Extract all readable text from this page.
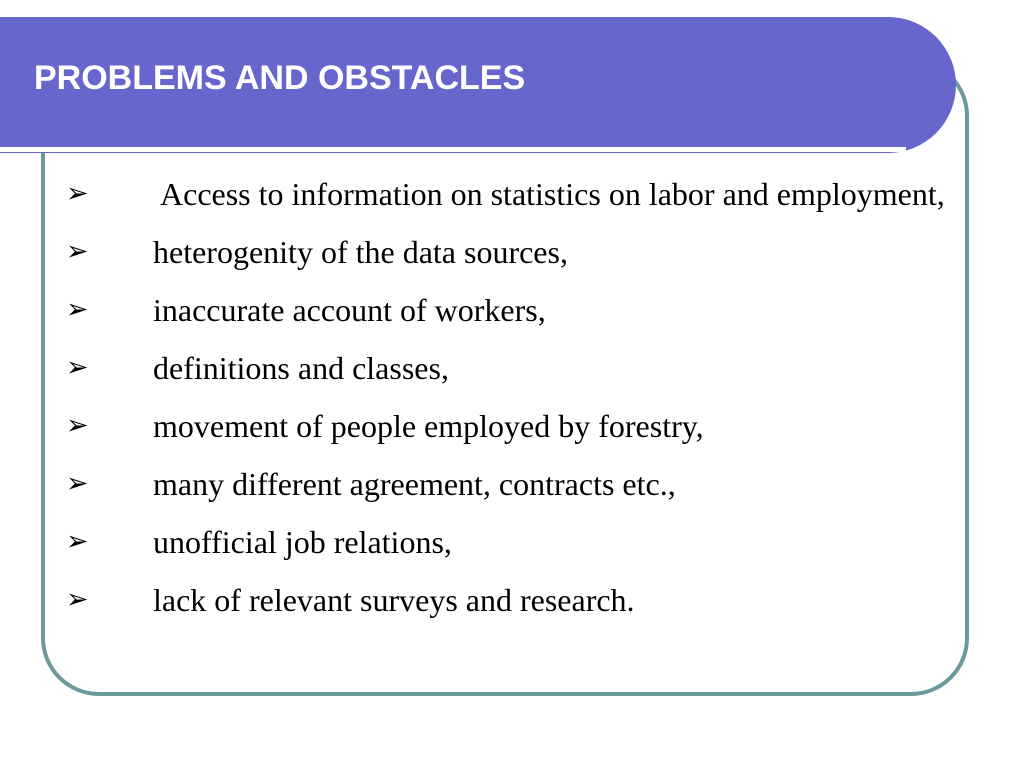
PROBLEMS AND OBSTACLES
➢ Access to information on statistics on labor and employment,
➢ heterogenity of the data sources,
➢ inaccurate account of workers,
➢ definitions and classes,
➢ movement of people employed by forestry,
➢ many different agreement, contracts etc.,
➢ unofficial job relations,
➢ lack of relevant surveys and research.
